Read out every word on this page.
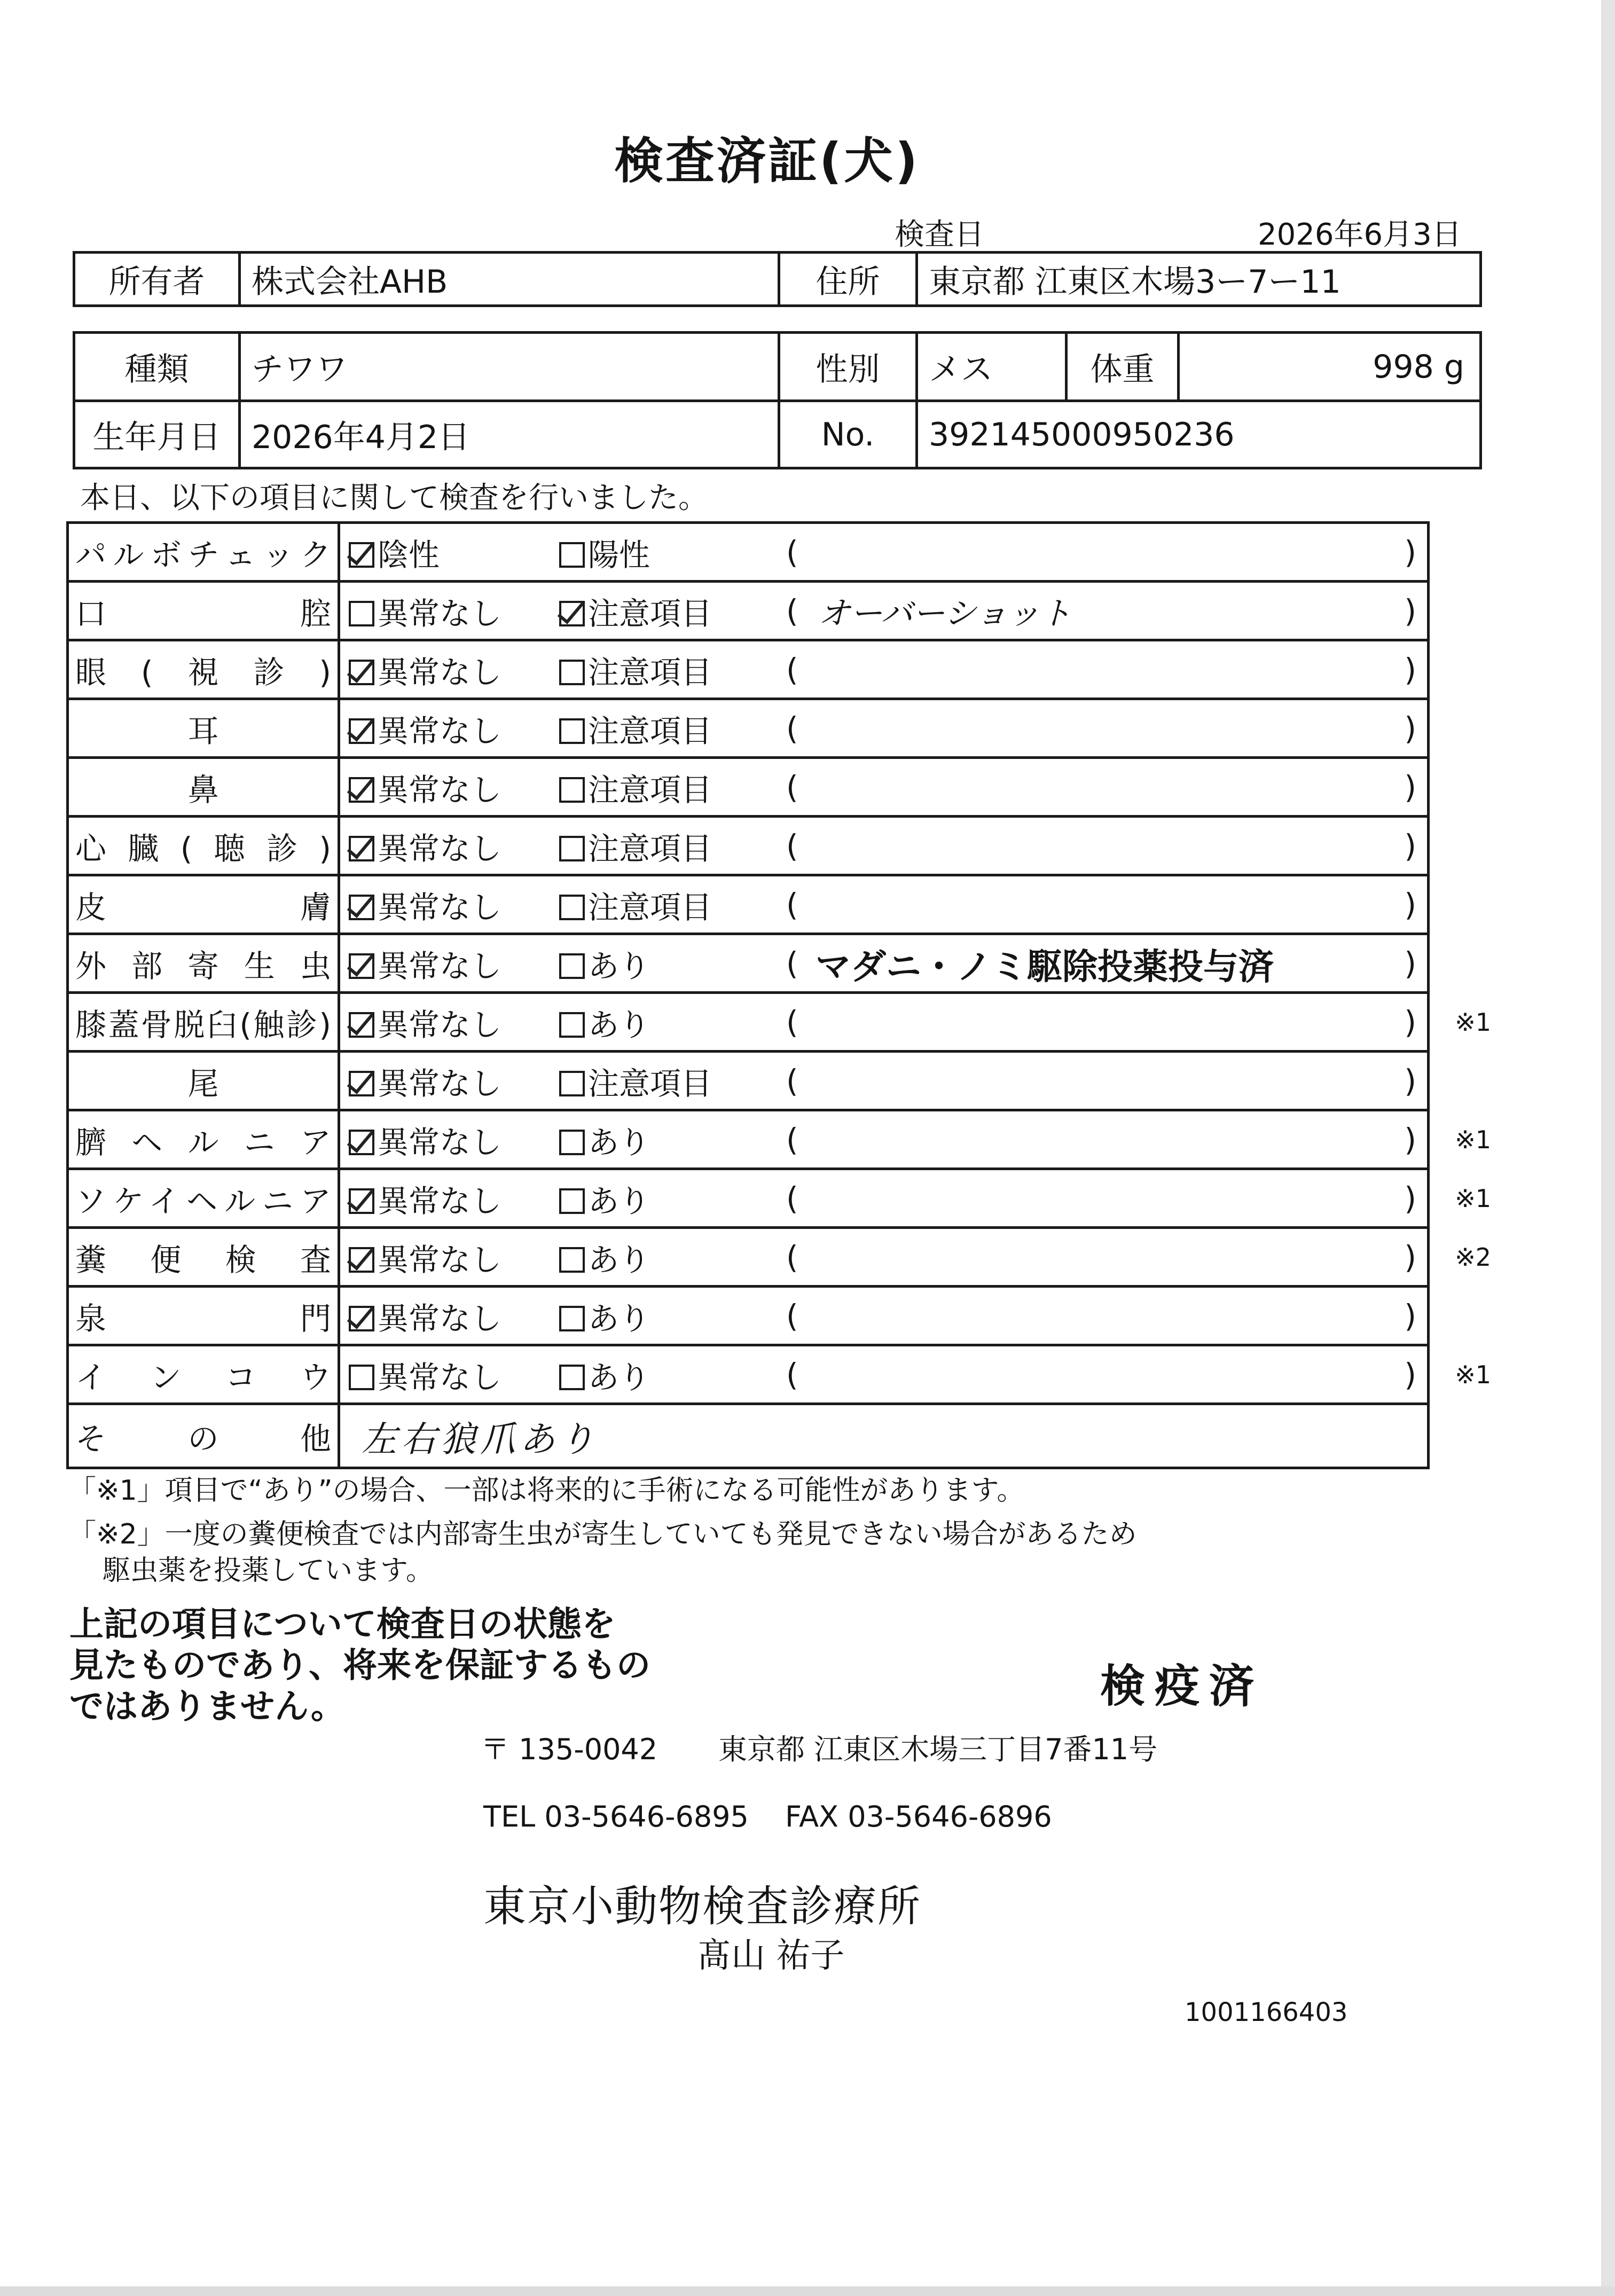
検査済証(犬)
検査日	2026年6月3日
所有者	株式会社AHB	住所	東京都 江東区木場3ー7ー11
種類	チワワ	性別	メス	体重	998 g
生年月日	2026年4月2日	No.	392145000950236		
本日、以下の項目に関して検査を行いました。
パルボチェック	陰性 陽性 ( )

口腔	異常なし 注意項目 ( オーバーショット )

眼(視診)	異常なし 注意項目 ( )

耳	異常なし 注意項目 ( )

鼻	異常なし 注意項目 ( )

心臓(聴診)	異常なし 注意項目 ( )

皮膚	異常なし 注意項目 ( )

外部寄生虫	異常なし あり ( マダニ・ノミ駆除投薬投与済 )

膝蓋骨脱臼(触診)	異常なし あり ( ) ※1

尾	異常なし 注意項目 ( )

臍ヘルニア	異常なし あり ( ) ※1

ソケイヘルニア	異常なし あり ( ) ※1

糞便検査	異常なし あり ( ) ※2

泉門	異常なし あり ( )

インコウ	異常なし あり ( ) ※1

その他	左右狼爪あり
「※1」項目で“あり”の場合、一部は将来的に手術になる可能性があります。
「※2」一度の糞便検査では内部寄生虫が寄生していても発見できない場合があるため
駆虫薬を投薬しています。
上記の項目について検査日の状態を
見たものであり、将来を保証するもの
ではありません。	検疫済
〒 135-0042 東京都 江東区木場三丁目7番11号
TEL 03-5646-6895 FAX 03-5646-6896
東京小動物検査診療所
髙山 祐子
1001166403
